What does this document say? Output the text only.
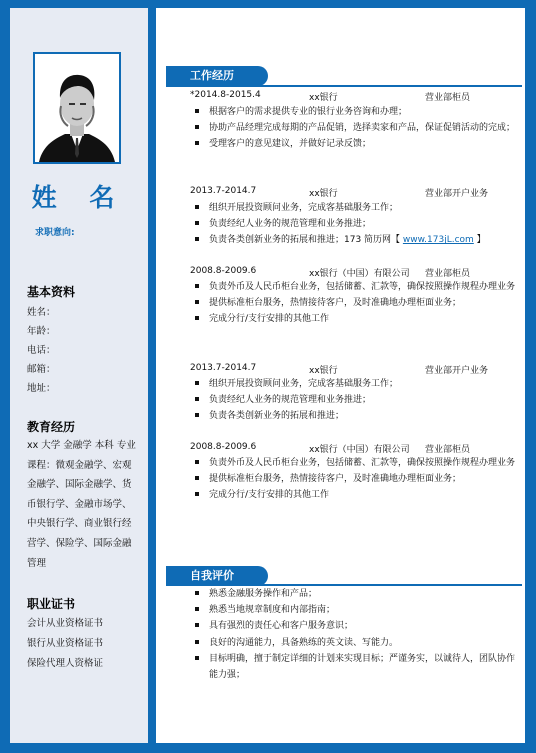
姓 名
求职意向:
基本资料
姓名：
年龄：
电话：
邮箱：
地址：
教育经历
xx 大学 金融学 本科 专业课程：微观金融学、宏观金融学、国际金融学、货币银行学、金融市场学、中央银行学、商业银行经营学、保险学、国际金融管理
职业证书
会计从业资格证书
银行从业资格证书
保险代理人资格证
工作经历
*2014.8-2015.4	xx银行	营业部柜员
根据客户的需求提供专业的银行业务咨询和办理；
协助产品经理完成每期的产品促销，选择卖家和产品，保证促销活动的完成；
受理客户的意见建议，并做好记录反馈；
2013.7-2014.7	xx银行	营业部开户业务
组织开展投资顾问业务，完成客基础服务工作；
负责经纪人业务的规范管理和业务推进；
负责各类创新业务的拓展和推进；173 简历网【 www.173jL.com 】
2008.8-2009.6	xx银行（中国）有限公司 营业部柜员
负责外币及人民币柜台业务，包括储蓄、汇款等，确保按照操作规程办理业务
提供标准柜台服务，热情接待客户，及时准确地办理柜面业务；
完成分行/支行安排的其他工作
2013.7-2014.7	xx银行	营业部开户业务
组织开展投资顾问业务，完成客基础服务工作；
负责经纪人业务的规范管理和业务推进；
负责各类创新业务的拓展和推进；
2008.8-2009.6	xx银行（中国）有限公司 营业部柜员
负责外币及人民币柜台业务，包括储蓄、汇款等，确保按照操作规程办理业务
提供标准柜台服务，热情接待客户，及时准确地办理柜面业务；
完成分行/支行安排的其他工作
自我评价
熟悉金融服务操作和产品；
熟悉当地规章制度和内部指南；
具有强烈的责任心和客户服务意识；
良好的沟通能力，具备熟练的英文读、写能力。
目标明确，擅于制定详细的计划来实现目标；严谨务实，以诚待人，团队协作能力强；
